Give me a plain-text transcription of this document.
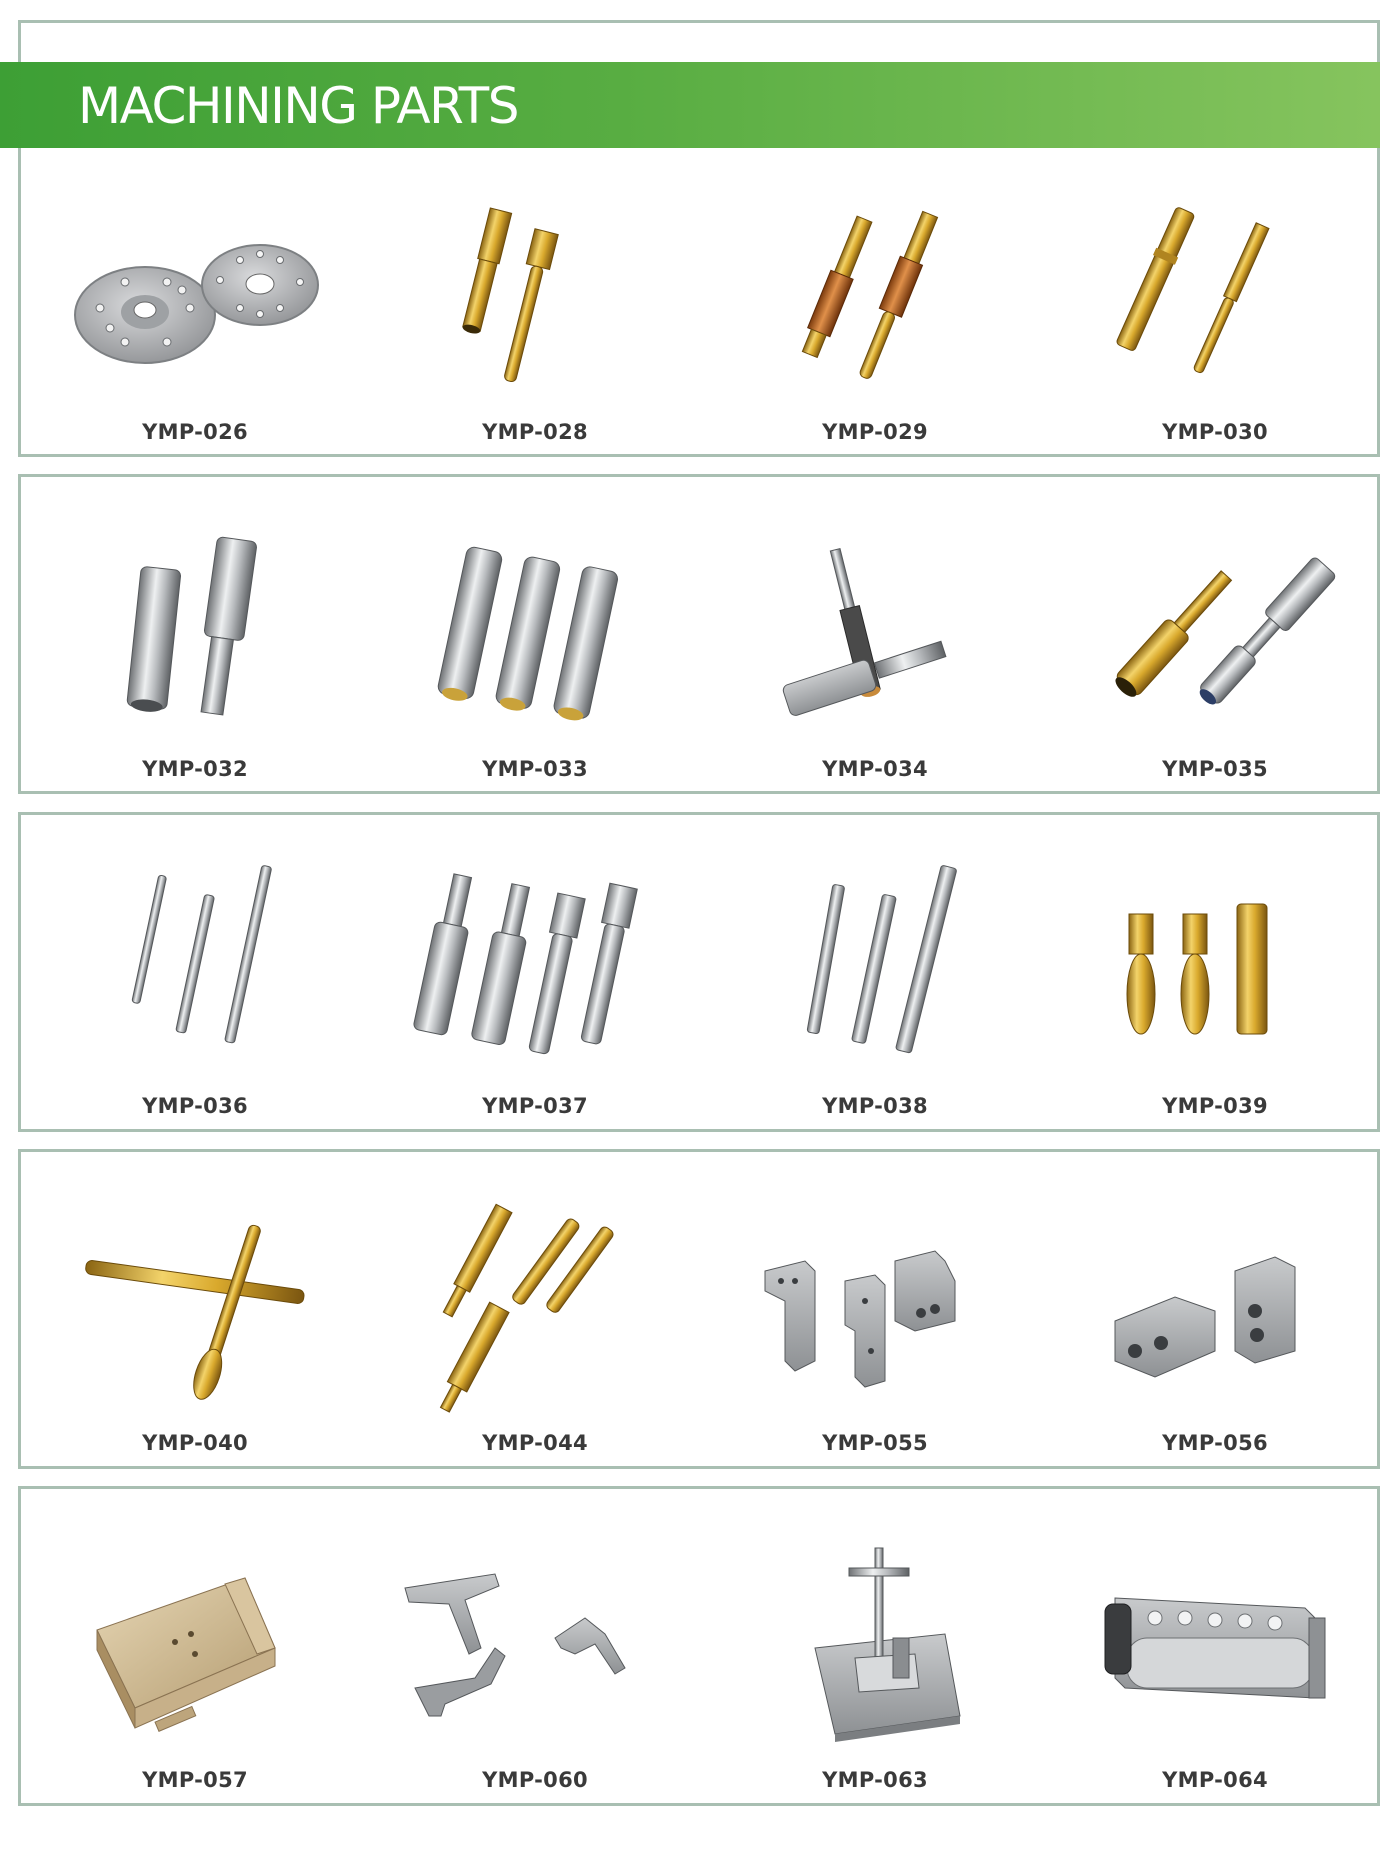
MACHINING PARTS
YMP-026	YMP-028	YMP-029	YMP-030
YMP-032	YMP-033	YMP-034	YMP-035
YMP-036	YMP-037	YMP-038	YMP-039
YMP-040	YMP-044	YMP-055	YMP-056
YMP-057	YMP-060	YMP-063	YMP-064
